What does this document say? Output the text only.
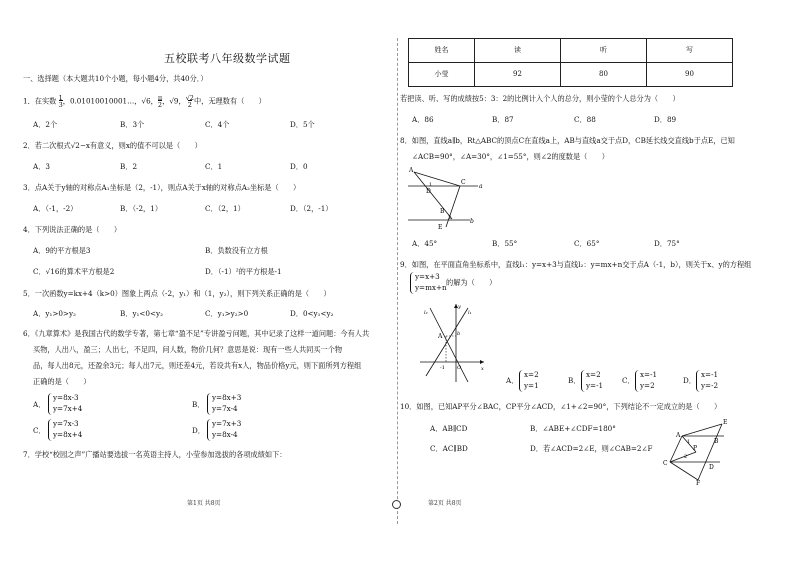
五校联考八年级数学试题
一、选择题（本大题共10个小题，每小题4分，共40分．）
1．在实数 1
3，0.01010010001…，√6，π
2，√9，√2
2 中，无理数有（　　）
A．2个	B．3个	C．4个	D．5个
2．若二次根式√2−x有意义，则x的值不可以是（　　）
A．3	B．2	C．1	D．0
3．点A关于y轴的对称点A₁坐标是（2，-1），则点A关于x轴的对称点A₂坐标是（　　）
A．（-1，-2）	B．（-2，1）	C．（2，1）	D．（2，-1）
4．下列说法正确的是（　　）
A．9的平方根是3	B．负数没有立方根
C．√16的算术平方根是2	D．（-1）²的平方根是-1
5．一次函数y=kx+4（k>0）图象上两点（-2，y₁）和（1，y₂），则下列关系正确的是（　　）
A．y₁>0>y₂	B．y₁<0<y₂	C．y₁>y₂>0	D．0<y₁<y₂
6．《九章算术》是我国古代的数学专著，第七章“盈不足”专讲盈亏问题，其中记录了这样一道问题：今有人共
买物，人出八，盈三；人出七，不足四，问人数，物价几何？意思是说：现有一些人共同买一个物
品，每人出8元，还盈余3元；每人出7元，则还差4元，若设共有x人，物品价格y元，则下面所列方程组
正确的是（　　）
A．
y=8x-3
y=7x+4	B．
y=8x+3
y=7x-4
C．
y=7x-3
y=8x+4	D．
y=7x+3
y=8x-4
7．学校“校园之声”广播站要选拔一名英语主持人，小莹参加选拔的各项成绩如下：
第1页 共8页
姓名	读	听	写
小莹	92	80	90
若把读、听、写的成绩按5：3：2的比例计入个人的总分，则小莹的个人总分为（　　）
A．86	B．87	C．88	D．89
8．如图，直线a∥b，Rt△ABC的顶点C在直线a上，AB与直线a交于点D，CB延长线交直线b于点E，已知
∠ACB=90°，∠A=30°，∠1=55°，则∠2的度数是（　　）
A
C
a
D
1
B
2	b
E
A．45°	B．55°	C．65°	D．75°
9．如图，在平面直角坐标系中，直线l₁：y=x+3与直线l₂：y=mx+n交于点A（-1，b），则关于x、y的方程组
y=x+3
y=mx+n
的解为（　　）
A	b
-1 O	x
y
l₁
l₂
A．
x=2
y=1
B．
x=2
y=-1
C．
x=-1
y=2
D．
x=-1
y=-2
10．如图，已知AP平分∠BAC，CP平分∠ACD，∠1+∠2=90°，下列结论不一定成立的是（　　）
A．AB∥CD	B．∠ABE+∠CDF=180°
C．AC∥BD	D．若∠ACD=2∠E，则∠CAB=2∠F
A
C
P
E
B
D
F
1
2
第2页 共8页
